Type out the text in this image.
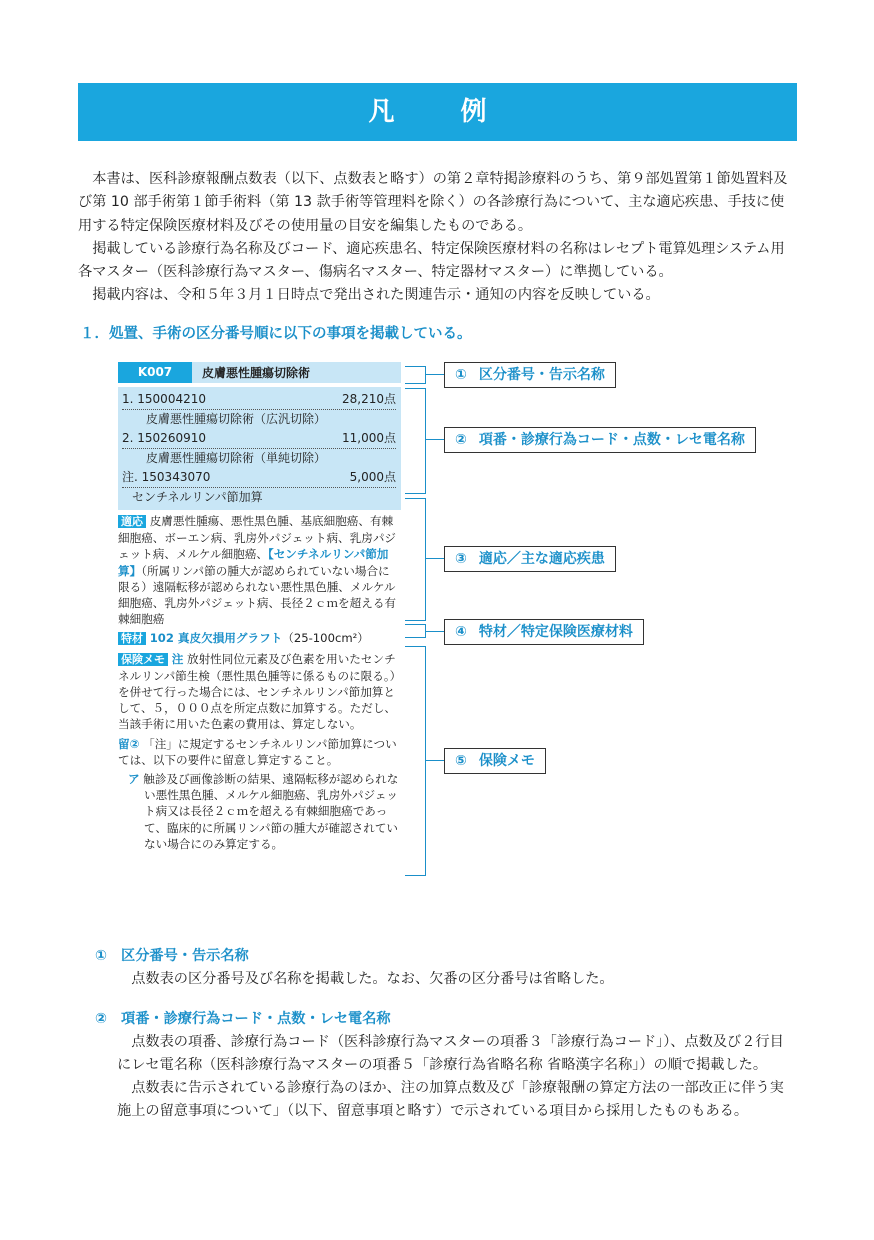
凡　例

本書は、医科診療報酬点数表（以下、点数表と略す）の第２章特掲診療料のうち、第９部処置第１節処置料及び第 10 部手術第１節手術料（第 13 款手術等管理料を除く）の各診療行為について、主な適応疾患、手技に使用する特定保険医療材料及びその使用量の目安を編集したものである。

掲載している診療行為名称及びコード、適応疾患名、特定保険医療材料の名称はレセプト電算処理システム用各マスター（医科診療行為マスター、傷病名マスター、特定器材マスター）に準拠している。

掲載内容は、令和５年３月１日時点で発出された関連告示・通知の内容を反映している。

１．処置、手術の区分番号順に以下の事項を掲載している。
K007	皮膚悪性腫瘍切除術
1. 150004210	28,210点
皮膚悪性腫瘍切除術（広汎切除）
2. 150260910	11,000点
皮膚悪性腫瘍切除術（単純切除）
注. 150343070	5,000点
センチネルリンパ節加算
適応 皮膚悪性腫瘍、悪性黒色腫、基底細胞癌、有棘細胞癌、ボーエン病、乳房外パジェット病、乳房パジェット病、メルケル細胞癌、【センチネルリンパ節加算】（所属リンパ節の腫大が認められていない場合に限る）遠隔転移が認められない悪性黒色腫、メルケル細胞癌、乳房外パジェット病、長径２ｃｍを超える有棘細胞癌
特材 102 真皮欠損用グラフト（25-100cm²）
保険メモ 注 放射性同位元素及び色素を用いたセンチネルリンパ節生検（悪性黒色腫等に係るものに限る。）を併せて行った場合には、センチネルリンパ節加算として、５，０００点を所定点数に加算する。ただし、当該手術に用いた色素の費用は、算定しない。
留② 「注」に規定するセンチネルリンパ節加算については、以下の要件に留意し算定すること。
ア 触診及び画像診断の結果、遠隔転移が認められない悪性黒色腫、メルケル細胞癌、乳房外パジェット病又は長径２ｃｍを超える有棘細胞癌であって、臨床的に所属リンパ節の腫大が確認されていない場合にのみ算定する。
① 区分番号・告示名称
② 項番・診療行為コード・点数・レセ電名称
③ 適応／主な適応疾患
④ 特材／特定保険医療材料
⑤ 保険メモ
① 区分番号・告示名称

点数表の区分番号及び名称を掲載した。なお、欠番の区分番号は省略した。

② 項番・診療行為コード・点数・レセ電名称

点数表の項番、診療行為コード（医科診療行為マスターの項番３「診療行為コード」）、点数及び２行目にレセ電名称（医科診療行為マスターの項番５「診療行為省略名称 省略漢字名称」）の順で掲載した。

点数表に告示されている診療行為のほか、注の加算点数及び「診療報酬の算定方法の一部改正に伴う実施上の留意事項について」（以下、留意事項と略す）で示されている項目から採用したものもある。
